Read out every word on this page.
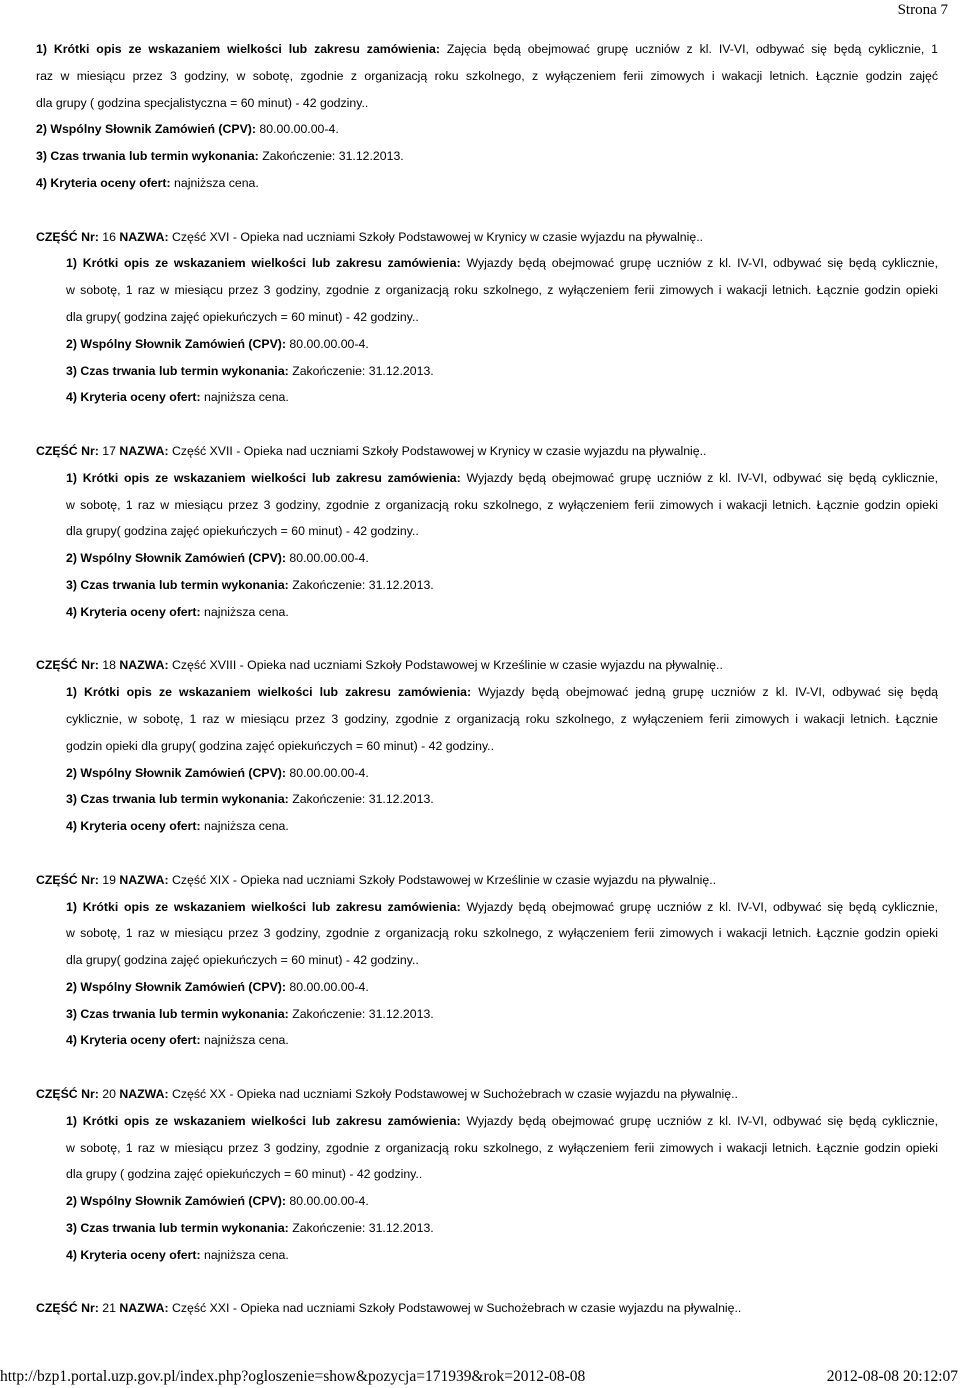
Strona 7
1) Krótki opis ze wskazaniem wielkości lub zakresu zamówienia: Zajęcia będą obejmować grupę uczniów z kl. IV-VI, odbywać się będą cyklicznie, 1
raz w miesiącu przez 3 godziny, w sobotę, zgodnie z organizacją roku szkolnego, z wyłączeniem ferii zimowych i wakacji letnich. Łącznie godzin zajęć
dla grupy ( godzina specjalistyczna = 60 minut) - 42 godziny..
2) Wspólny Słownik Zamówień (CPV): 80.00.00.00-4.
3) Czas trwania lub termin wykonania: Zakończenie: 31.12.2013.
4) Kryteria oceny ofert: najniższa cena.
CZĘŚĆ Nr: 16 NAZWA: Część XVI - Opieka nad uczniami Szkoły Podstawowej w Krynicy w czasie wyjazdu na pływalnię..
1) Krótki opis ze wskazaniem wielkości lub zakresu zamówienia: Wyjazdy będą obejmować grupę uczniów z kl. IV-VI, odbywać się będą cyklicznie,
w sobotę, 1 raz w miesiącu przez 3 godziny, zgodnie z organizacją roku szkolnego, z wyłączeniem ferii zimowych i wakacji letnich. Łącznie godzin opieki
dla grupy( godzina zajęć opiekuńczych = 60 minut) - 42 godziny..
2) Wspólny Słownik Zamówień (CPV): 80.00.00.00-4.
3) Czas trwania lub termin wykonania: Zakończenie: 31.12.2013.
4) Kryteria oceny ofert: najniższa cena.
CZĘŚĆ Nr: 17 NAZWA: Część XVII - Opieka nad uczniami Szkoły Podstawowej w Krynicy w czasie wyjazdu na pływalnię..
1) Krótki opis ze wskazaniem wielkości lub zakresu zamówienia: Wyjazdy będą obejmować grupę uczniów z kl. IV-VI, odbywać się będą cyklicznie,
w sobotę, 1 raz w miesiącu przez 3 godziny, zgodnie z organizacją roku szkolnego, z wyłączeniem ferii zimowych i wakacji letnich. Łącznie godzin opieki
dla grupy( godzina zajęć opiekuńczych = 60 minut) - 42 godziny..
2) Wspólny Słownik Zamówień (CPV): 80.00.00.00-4.
3) Czas trwania lub termin wykonania: Zakończenie: 31.12.2013.
4) Kryteria oceny ofert: najniższa cena.
CZĘŚĆ Nr: 18 NAZWA: Część XVIII - Opieka nad uczniami Szkoły Podstawowej w Krześlinie w czasie wyjazdu na pływalnię..
1) Krótki opis ze wskazaniem wielkości lub zakresu zamówienia: Wyjazdy będą obejmować jedną grupę uczniów z kl. IV-VI, odbywać się będą
cyklicznie, w sobotę, 1 raz w miesiącu przez 3 godziny, zgodnie z organizacją roku szkolnego, z wyłączeniem ferii zimowych i wakacji letnich. Łącznie
godzin opieki dla grupy( godzina zajęć opiekuńczych = 60 minut) - 42 godziny..
2) Wspólny Słownik Zamówień (CPV): 80.00.00.00-4.
3) Czas trwania lub termin wykonania: Zakończenie: 31.12.2013.
4) Kryteria oceny ofert: najniższa cena.
CZĘŚĆ Nr: 19 NAZWA: Część XIX - Opieka nad uczniami Szkoły Podstawowej w Krześlinie w czasie wyjazdu na pływalnię..
1) Krótki opis ze wskazaniem wielkości lub zakresu zamówienia: Wyjazdy będą obejmować grupę uczniów z kl. IV-VI, odbywać się będą cyklicznie,
w sobotę, 1 raz w miesiącu przez 3 godziny, zgodnie z organizacją roku szkolnego, z wyłączeniem ferii zimowych i wakacji letnich. Łącznie godzin opieki
dla grupy( godzina zajęć opiekuńczych = 60 minut) - 42 godziny..
2) Wspólny Słownik Zamówień (CPV): 80.00.00.00-4.
3) Czas trwania lub termin wykonania: Zakończenie: 31.12.2013.
4) Kryteria oceny ofert: najniższa cena.
CZĘŚĆ Nr: 20 NAZWA: Część XX - Opieka nad uczniami Szkoły Podstawowej w Suchożebrach w czasie wyjazdu na pływalnię..
1) Krótki opis ze wskazaniem wielkości lub zakresu zamówienia: Wyjazdy będą obejmować grupę uczniów z kl. IV-VI, odbywać się będą cyklicznie,
w sobotę, 1 raz w miesiącu przez 3 godziny, zgodnie z organizacją roku szkolnego, z wyłączeniem ferii zimowych i wakacji letnich. Łącznie godzin opieki
dla grupy ( godzina zajęć opiekuńczych = 60 minut) - 42 godziny..
2) Wspólny Słownik Zamówień (CPV): 80.00.00.00-4.
3) Czas trwania lub termin wykonania: Zakończenie: 31.12.2013.
4) Kryteria oceny ofert: najniższa cena.
CZĘŚĆ Nr: 21 NAZWA: Część XXI - Opieka nad uczniami Szkoły Podstawowej w Suchożebrach w czasie wyjazdu na pływalnię..
http://bzp1.portal.uzp.gov.pl/index.php?ogloszenie=show&pozycja=171939&rok=2012-08-08	2012-08-08 20:12:07
